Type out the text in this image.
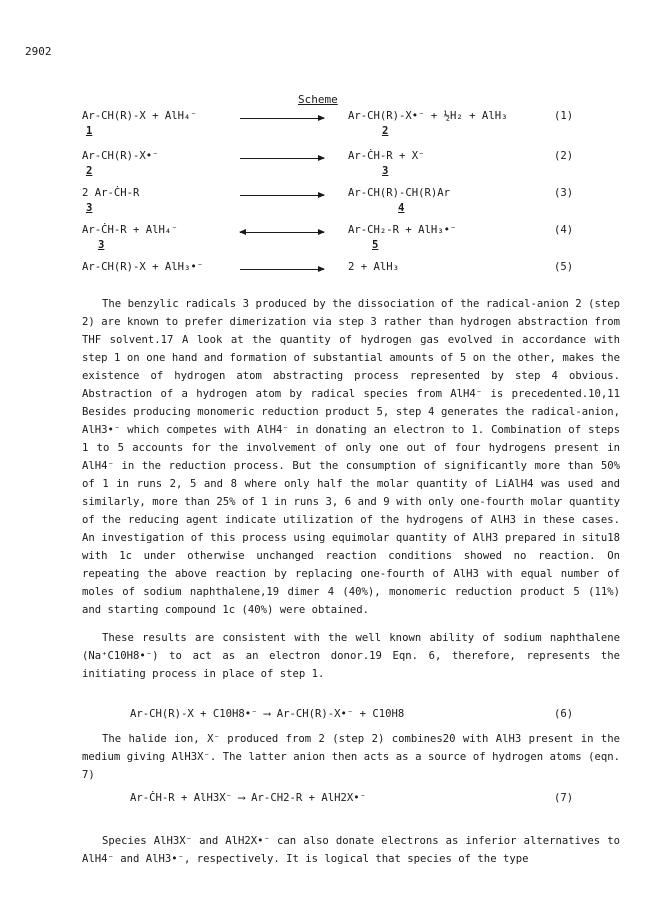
2902
Scheme
Ar-CH(R)-X + AlH₄⁻
1
Ar-CH(R)-X•⁻ + ½H₂ + AlH₃
2
(1)
Ar-CH(R)-X•⁻
2
Ar-ĊH-R + X⁻
3
(2)
2 Ar-ĊH-R
3
Ar-CH(R)-CH(R)Ar
4
(3)
Ar-ĊH-R + AlH₄⁻
3
Ar-CH₂-R + AlH₃•⁻
5
(4)
Ar-CH(R)-X + AlH₃•⁻	2 + AlH₃	(5)

The benzylic radicals 3 produced by the dissociation of the radical-anion 2 (step 2) are known to prefer dimerization via step 3 rather than hydrogen abstraction from THF solvent.17 A look at the quantity of hydrogen gas evolved in accordance with step 1 on one hand and formation of substantial amounts of 5 on the other, makes the existence of hydrogen atom abstracting process represented by step 4 obvious. Abstraction of a hydrogen atom by radical species from AlH4⁻ is precedented.10,11 Besides producing monomeric reduction product 5, step 4 generates the radical-anion, AlH3•⁻ which competes with AlH4⁻ in donating an electron to 1. Combination of steps 1 to 5 accounts for the involvement of only one out of four hydrogens present in AlH4⁻ in the reduction process. But the consumption of significantly more than 50% of 1 in runs 2, 5 and 8 where only half the molar quantity of LiAlH4 was used and similarly, more than 25% of 1 in runs 3, 6 and 9 with only one-fourth molar quantity of the reducing agent indicate utilization of the hydrogens of AlH3 in these cases. An investigation of this process using equimolar quantity of AlH3 prepared in situ18 with 1c under otherwise unchanged reaction conditions showed no reaction. On repeating the above reaction by replacing one-fourth of AlH3 with equal number of moles of sodium naphthalene,19 dimer 4 (40%), monomeric reduction product 5 (11%) and starting compound 1c (40%) were obtained.

These results are consistent with the well known ability of sodium naphthalene (Na⁺C10H8•⁻) to act as an electron donor.19 Eqn. 6, therefore, represents the initiating process in place of step 1.

Ar-CH(R)-X + C10H8•⁻ ⟶ Ar-CH(R)-X•⁻ + C10H8	(6)
The halide ion, X⁻ produced from 2 (step 2) combines20 with AlH3 present in the medium giving AlH3X⁻. The latter anion then acts as a source of hydrogen atoms (eqn. 7)
Ar-ĊH-R + AlH3X⁻ ⟶ Ar-CH2-R + AlH2X•⁻	(7)
Species AlH3X⁻ and AlH2X•⁻ can also donate electrons as inferior alternatives to AlH4⁻ and AlH3•⁻, respectively. It is logical that species of the type
